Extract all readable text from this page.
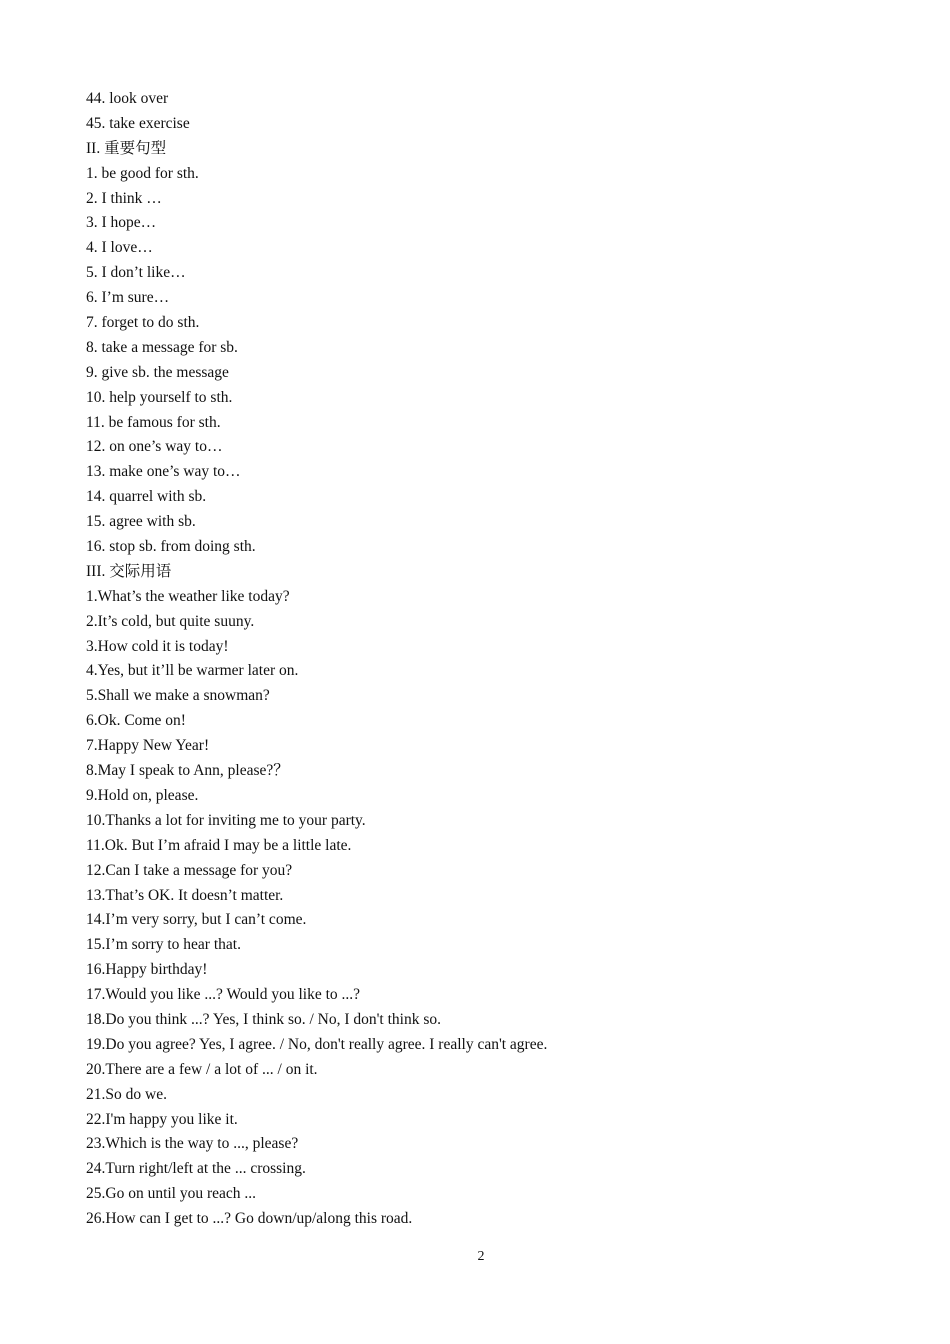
44. look over
45. take exercise
II. 重要句型
1. be good for sth.
2. I think …
3. I hope…
4. I love…
5. I don’t like…
6. I’m sure…
7. forget to do sth.
8. take a message for sb.
9. give sb. the message
10. help yourself to sth.
11. be famous for sth.
12. on one’s way to…
13. make one’s way to…
14. quarrel with sb.
15. agree with sb.
16. stop sb. from doing sth.
III. 交际用语
1.What’s the weather like today?
2.It’s cold, but quite suuny.
3.How cold it is today!
4.Yes, but it’ll be warmer later on.
5.Shall we make a snowman?
6.Ok. Come on!
7.Happy New Year!
8.May I speak to Ann, please?？
9.Hold on, please.
10.Thanks a lot for inviting me to your party.
11.Ok. But I’m afraid I may be a little late.
12.Can I take a message for you?
13.That’s OK. It doesn’t matter.
14.I’m very sorry, but I can’t come.
15.I’m sorry to hear that.
16.Happy birthday!
17.Would you like ...? Would you like to ...?
18.Do you think ...? Yes, I think so. / No, I don't think so.
19.Do you agree? Yes, I agree. / No, don't really agree. I really can't agree.
20.There are a few / a lot of ... / on it.
21.So do we.
22.I'm happy you like it.
23.Which is the way to ..., please?
24.Turn right/left at the ... crossing.
25.Go on until you reach ...
26.How can I get to ...? Go down/up/along this road.
2
